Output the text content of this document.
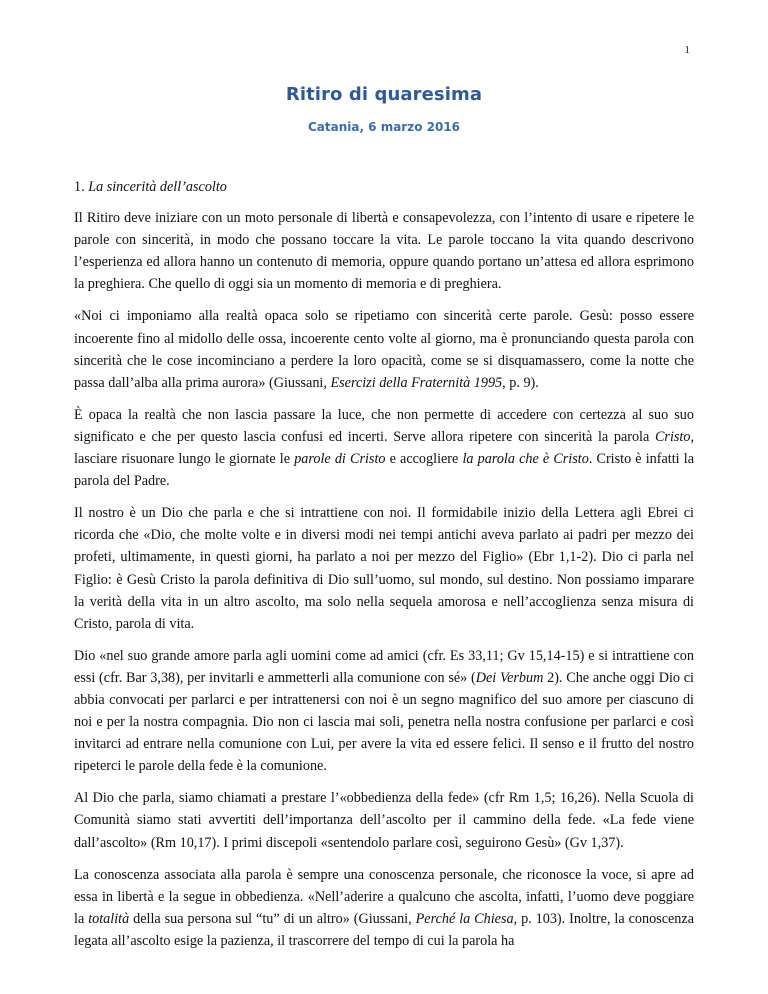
1
Ritiro di quaresima
Catania, 6 marzo 2016

1. La sincerità dell’ascolto

Il Ritiro deve iniziare con un moto personale di libertà e consapevolezza, con l’intento di usare e ripetere le parole con sincerità, in modo che possano toccare la vita. Le parole toccano la vita quando descrivono l’esperienza ed allora hanno un contenuto di memoria, oppure quando portano un’attesa ed allora esprimono la preghiera. Che quello di oggi sia un momento di memoria e di preghiera.

«Noi ci imponiamo alla realtà opaca solo se ripetiamo con sincerità certe parole. Gesù: posso essere incoerente fino al midollo delle ossa, incoerente cento volte al giorno, ma è pronunciando questa parola con sincerità che le cose incominciano a perdere la loro opacità, come se si disquamassero, come la notte che passa dall’alba alla prima aurora» (Giussani, Esercizi della Fraternità 1995, p. 9).

È opaca la realtà che non lascia passare la luce, che non permette di accedere con certezza al suo suo significato e che per questo lascia confusi ed incerti. Serve allora ripetere con sincerità la parola Cristo, lasciare risuonare lungo le giornate le parole di Cristo e accogliere la parola che è Cristo. Cristo è infatti la parola del Padre.

Il nostro è un Dio che parla e che si intrattiene con noi. Il formidabile inizio della Lettera agli Ebrei ci ricorda che «Dio, che molte volte e in diversi modi nei tempi antichi aveva parlato ai padri per mezzo dei profeti, ultimamente, in questi giorni, ha parlato a noi per mezzo del Figlio» (Ebr 1,1-2). Dio ci parla nel Figlio: è Gesù Cristo la parola definitiva di Dio sull’uomo, sul mondo, sul destino. Non possiamo imparare la verità della vita in un altro ascolto, ma solo nella sequela amorosa e nell’accoglienza senza misura di Cristo, parola di vita.

Dio «nel suo grande amore parla agli uomini come ad amici (cfr. Es 33,11; Gv 15,14-15) e si intrattiene con essi (cfr. Bar 3,38), per invitarli e ammetterli alla comunione con sé» (Dei Verbum 2). Che anche oggi Dio ci abbia convocati per parlarci e per intrattenersi con noi è un segno magnifico del suo amore per ciascuno di noi e per la nostra compagnia. Dio non ci lascia mai soli, penetra nella nostra confusione per parlarci e così invitarci ad entrare nella comunione con Lui, per avere la vita ed essere felici. Il senso e il frutto del nostro ripeterci le parole della fede è la comunione.

Al Dio che parla, siamo chiamati a prestare l’«obbedienza della fede» (cfr Rm 1,5; 16,26). Nella Scuola di Comunità siamo stati avvertiti dell’importanza dell’ascolto per il cammino della fede. «La fede viene dall’ascolto» (Rm 10,17). I primi discepoli «sentendolo parlare così, seguirono Gesù» (Gv 1,37).

La conoscenza associata alla parola è sempre una conoscenza personale, che riconosce la voce, si apre ad essa in libertà e la segue in obbedienza. «Nell’aderire a qualcuno che ascolta, infatti, l’uomo deve poggiare la totalità della sua persona sul “tu” di un altro» (Giussani, Perché la Chiesa, p. 103). Inoltre, la conoscenza legata all’ascolto esige la pazienza, il trascorrere del tempo di cui la parola ha
